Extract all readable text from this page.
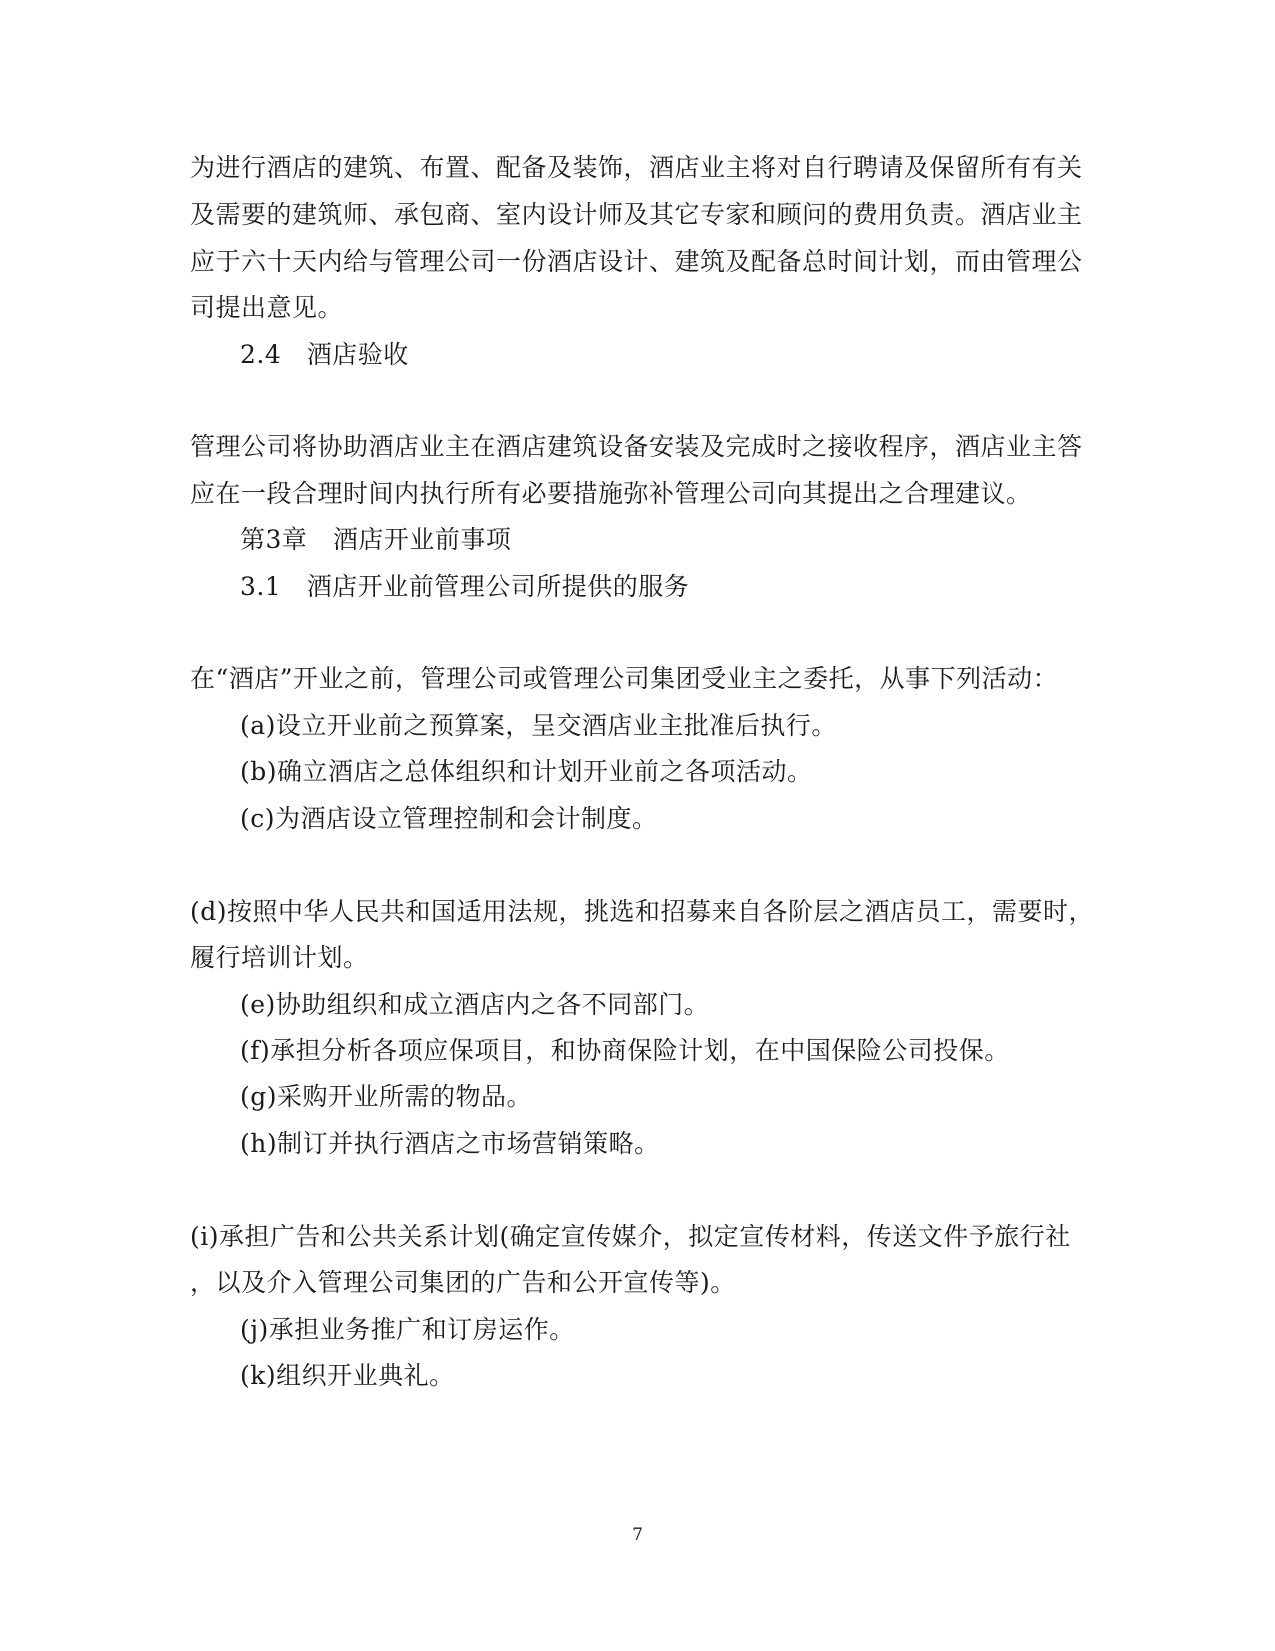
为进行酒店的建筑、布置、配备及装饰，酒店业主将对自行聘请及保留所有有关
及需要的建筑师、承包商、室内设计师及其它专家和顾问的费用负责。酒店业主
应于六十天内给与管理公司一份酒店设计、建筑及配备总时间计划，而由管理公
司提出意见。
2.4　酒店验收
管理公司将协助酒店业主在酒店建筑设备安装及完成时之接收程序，酒店业主答
应在一段合理时间内执行所有必要措施弥补管理公司向其提出之合理建议。
第3章　酒店开业前事项
3.1　酒店开业前管理公司所提供的服务
在“酒店”开业之前，管理公司或管理公司集团受业主之委托，从事下列活动：
(a)设立开业前之预算案，呈交酒店业主批准后执行。
(b)确立酒店之总体组织和计划开业前之各项活动。
(c)为酒店设立管理控制和会计制度。
(d)按照中华人民共和国适用法规，挑选和招募来自各阶层之酒店员工，需要时，
履行培训计划。
(e)协助组织和成立酒店内之各不同部门。
(f)承担分析各项应保项目，和协商保险计划，在中国保险公司投保。
(g)采购开业所需的物品。
(h)制订并执行酒店之市场营销策略。
(i)承担广告和公共关系计划(确定宣传媒介，拟定宣传材料，传送文件予旅行社
，以及介入管理公司集团的广告和公开宣传等)。
(j)承担业务推广和订房运作。
(k)组织开业典礼。
7
